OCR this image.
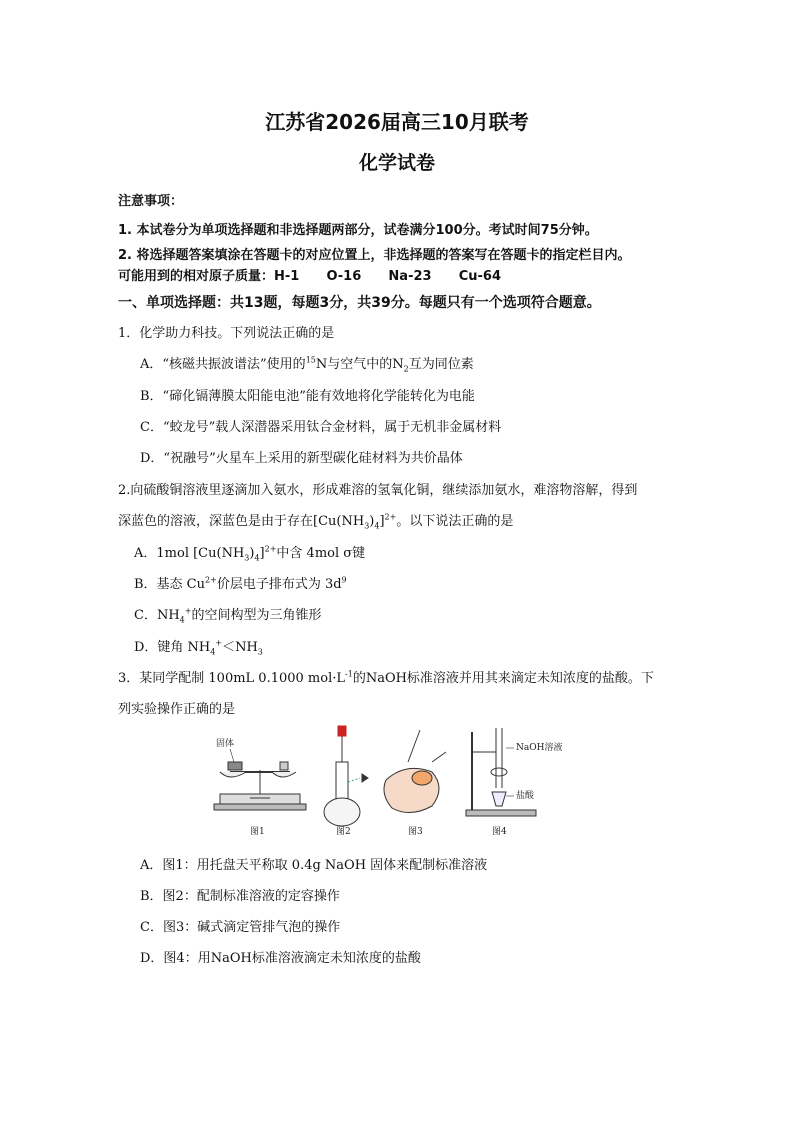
江苏省2026届高三10月联考
化学试卷
注意事项：
1. 本试卷分为单项选择题和非选择题两部分，试卷满分100分。考试时间75分钟。
2. 将选择题答案填涂在答题卡的对应位置上，非选择题的答案写在答题卡的指定栏目内。
可能用到的相对原子质量：H-1      O-16      Na-23      Cu-64
一、单项选择题：共13题，每题3分，共39分。每题只有一个选项符合题意。
1．化学助力科技。下列说法正确的是
A．“核磁共振波谱法”使用的$^{15}$N与空气中的$N_2$互为同位素
B．“碲化镉薄膜太阳能电池”能有效地将化学能转化为电能
C．“蛟龙号”载人深潜器采用钛合金材料，属于无机非金属材料
D．“祝融号”火星车上采用的新型碳化硅材料为共价晶体
2.向硫酸铜溶液里逐滴加入氨水，形成难溶的氢氧化铜，继续添加氨水，难溶物溶解，得到
深蓝色的溶液，深蓝色是由于存在$[Cu(NH_3)_4]^{2+}$。以下说法正确的是
A．1mol $[Cu(NH_3)_4]^{2+}$中含 4mol σ键
B．基态 $Cu^{2+}$价层电子排布式为 $3d^9$
C．$NH_4^+$的空间构型为三角锥形
D．键角 $NH_4^+<NH_3$
3．某同学配制 100mL 0.1000 $mol\cdot L^{-1}$的NaOH标准溶液并用其来滴定未知浓度的盐酸。下
列实验操作正确的是
固体
图1	图2	图3
NaOH溶液
盐酸
图4
A．图1：用托盘天平称取 0.4g NaOH 固体来配制标准溶液
B．图2：配制标准溶液的定容操作
C．图3：碱式滴定管排气泡的操作
D．图4：用NaOH标准溶液滴定未知浓度的盐酸
